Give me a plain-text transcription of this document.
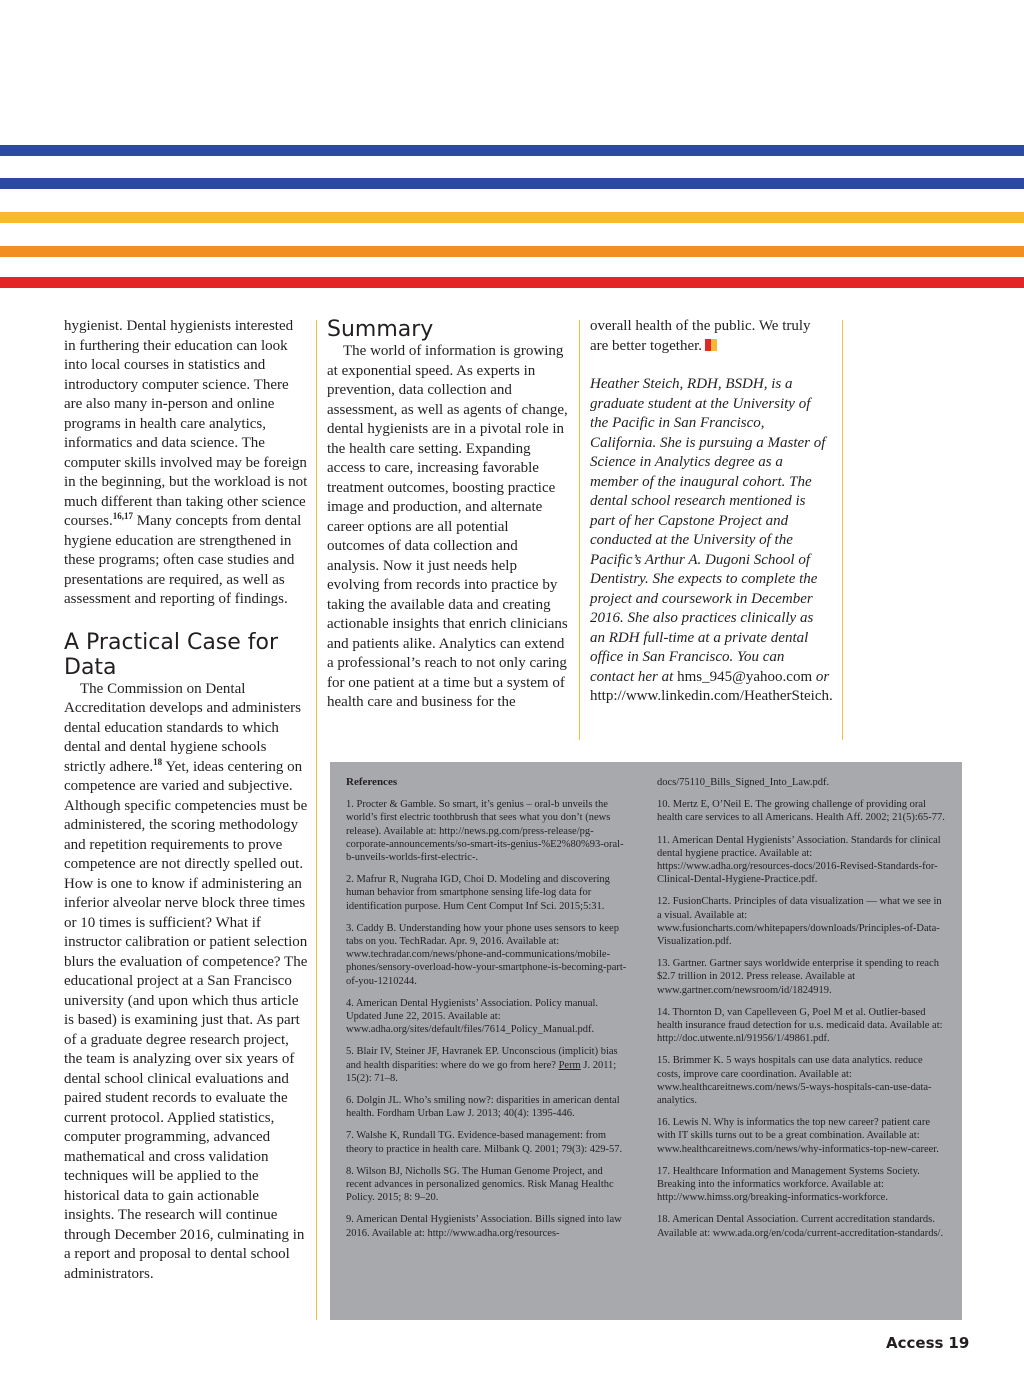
hygienist. Dental hygienists interested in furthering their education can look into local courses in statistics and introductory computer science. There are also many in-person and online programs in health care analytics, informatics and data science. The computer skills involved may be foreign in the beginning, but the workload is not much different than taking other science courses.$^{16,17}$ Many concepts from dental hygiene education are strengthened in these programs; often case studies and presentations are required, as well as assessment and reporting of findings.

A Practical Case for Data

The Commission on Dental Accreditation develops and administers dental education standards to which dental and dental hygiene schools strictly adhere.$^{18}$ Yet, ideas centering on competence are varied and subjective. Although specific competencies must be administered, the scoring methodology and repetition requirements to prove competence are not directly spelled out. How is one to know if administering an inferior alveolar nerve block three times or 10 times is sufficient? What if instructor calibration or patient selection blurs the evaluation of competence? The educational project at a San Francisco university (and upon which thus article is based) is examining just that. As part of a graduate degree research project, the team is analyzing over six years of dental school clinical evaluations and paired student records to evaluate the current protocol. Applied statistics, computer programming, advanced mathematical and cross validation techniques will be applied to the historical data to gain actionable insights. The research will continue through December 2016, culminating in a report and proposal to dental school administrators.

Summary

The world of information is growing at exponential speed. As experts in prevention, data collection and assessment, as well as agents of change, dental hygienists are in a pivotal role in the health care setting. Expanding access to care, increasing favorable treatment outcomes, boosting practice image and production, and alternate career options are all potential outcomes of data collection and analysis. Now it just needs help evolving from records into practice by taking the available data and creating actionable insights that enrich clinicians and patients alike. Analytics can extend a professional’s reach to not only caring for one patient at a time but a system of health care and business for the

overall health of the public. We truly are better together.

Heather Steich, RDH, BSDH, is a graduate student at the University of the Pacific in San Francisco, California. She is pursuing a Master of Science in Analytics degree as a member of the inaugural cohort. The dental school research mentioned is part of her Capstone Project and conducted at the University of the Pacific’s Arthur A. Dugoni School of Dentistry. She expects to complete the project and coursework in December 2016. She also practices clinically as an RDH full-time at a private dental office in San Francisco. You can contact her at hms_945@yahoo.com or http://www.linkedin.com/HeatherSteich.

References
1. Procter & Gamble. So smart, it’s genius – oral-b unveils the world’s first electric toothbrush that sees what you don’t (news release). Available at: http://news.pg.com/press-release/pg-corporate-announcements/so-smart-its-genius-%E2%80%93-oral-b-unveils-worlds-first-electric-.
2. Mafrur R, Nugraha IGD, Choi D. Modeling and discovering human behavior from smartphone sensing life-log data for identification purpose. Hum Cent Comput Inf Sci. 2015;5:31.
3. Caddy B. Understanding how your phone uses sensors to keep tabs on you. TechRadar. Apr. 9, 2016. Available at: www.techradar.com/news/phone-and-communications/mobile-phones/sensory-overload-how-your-smartphone-is-becoming-part-of-you-1210244.
4. American Dental Hygienists’ Association. Policy manual. Updated June 22, 2015. Available at: www.adha.org/sites/default/files/7614_Policy_Manual.pdf.
5. Blair IV, Steiner JF, Havranek EP. Unconscious (implicit) bias and health disparities: where do we go from here? Perm J. 2011; 15(2): 71–8.
6. Dolgin JL. Who’s smiling now?: disparities in american dental health. Fordham Urban Law J. 2013; 40(4): 1395-446.
7. Walshe K, Rundall TG. Evidence-based management: from theory to practice in health care. Milbank Q. 2001; 79(3): 429-57.
8. Wilson BJ, Nicholls SG. The Human Genome Project, and recent advances in personalized genomics. Risk Manag Healthc Policy. 2015; 8: 9–20.
9. American Dental Hygienists’ Association. Bills signed into law 2016. Available at: http://www.adha.org/resources-
docs/75110_Bills_Signed_Into_Law.pdf.
10. Mertz E, O’Neil E. The growing challenge of providing oral health care services to all Americans. Health Aff. 2002; 21(5):65-77.
11. American Dental Hygienists’ Association. Standards for clinical dental hygiene practice. Available at: https://www.adha.org/resources-docs/2016-Revised-Standards-for-Clinical-Dental-Hygiene-Practice.pdf.
12. FusionCharts. Principles of data visualization — what we see in a visual. Available at: www.fusioncharts.com/whitepapers/downloads/Principles-of-Data-Visualization.pdf.
13. Gartner. Gartner says worldwide enterprise it spending to reach $2.7 trillion in 2012. Press release. Available at www.gartner.com/newsroom/id/1824919.
14. Thornton D, van Capelleveen G, Poel M et al. Outlier-based health insurance fraud detection for u.s. medicaid data. Available at: http://doc.utwente.nl/91956/1/49861.pdf.
15. Brimmer K. 5 ways hospitals can use data analytics. reduce costs, improve care coordination. Available at: www.healthcareitnews.com/news/5-ways-hospitals-can-use-data-analytics.
16. Lewis N. Why is informatics the top new career? patient care with IT skills turns out to be a great combination. Available at: www.healthcareitnews.com/news/why-informatics-top-new-career.
17. Healthcare Information and Management Systems Society. Breaking into the informatics workforce. Available at: http://www.himss.org/breaking-informatics-workforce.
18. American Dental Association. Current accreditation standards. Available at: www.ada.org/en/coda/current-accreditation-standards/.
Access 19
